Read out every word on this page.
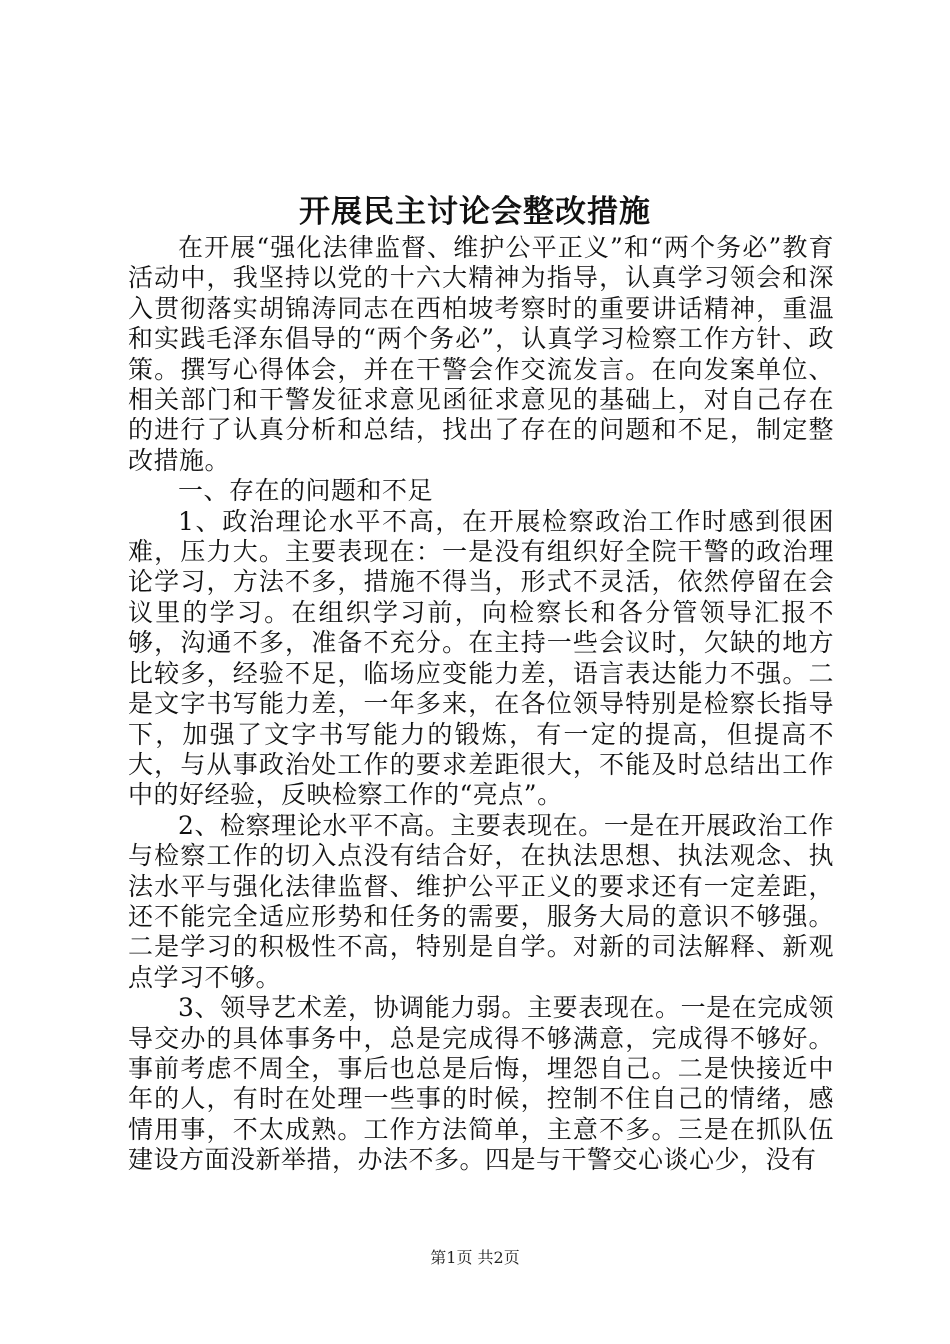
开展民主讨论会整改措施

在开展“强化法律监督、维护公平正义”和“两个务必”教育活动中，我坚持以党的十六大精神为指导，认真学习领会和深入贯彻落实胡锦涛同志在西柏坡考察时的重要讲话精神，重温和实践毛泽东倡导的“两个务必”，认真学习检察工作方针、政策。撰写心得体会，并在干警会作交流发言。在向发案单位、相关部门和干警发征求意见函征求意见的基础上，对自己存在的进行了认真分析和总结，找出了存在的问题和不足，制定整改措施。

一、存在的问题和不足

1、政治理论水平不高，在开展检察政治工作时感到很困难，压力大。主要表现在：一是没有组织好全院干警的政治理论学习，方法不多，措施不得当，形式不灵活，依然停留在会议里的学习。在组织学习前，向检察长和各分管领导汇报不够，沟通不多，准备不充分。在主持一些会议时，欠缺的地方比较多，经验不足，临场应变能力差，语言表达能力不强。二是文字书写能力差，一年多来，在各位领导特别是检察长指导下，加强了文字书写能力的锻炼，有一定的提高，但提高不大，与从事政治处工作的要求差距很大，不能及时总结出工作中的好经验，反映检察工作的“亮点”。

2、检察理论水平不高。主要表现在。一是在开展政治工作与检察工作的切入点没有结合好，在执法思想、执法观念、执法水平与强化法律监督、维护公平正义的要求还有一定差距，还不能完全适应形势和任务的需要，服务大局的意识不够强。二是学习的积极性不高，特别是自学。对新的司法解释、新观点学习不够。

3、领导艺术差，协调能力弱。主要表现在。一是在完成领导交办的具体事务中，总是完成得不够满意，完成得不够好。事前考虑不周全，事后也总是后悔，埋怨自己。二是快接近中年的人，有时在处理一些事的时候，控制不住自己的情绪，感情用事，不太成熟。工作方法简单，主意不多。三是在抓队伍建设方面没新举措，办法不多。四是与干警交心谈心少，没有

第1页 共2页
